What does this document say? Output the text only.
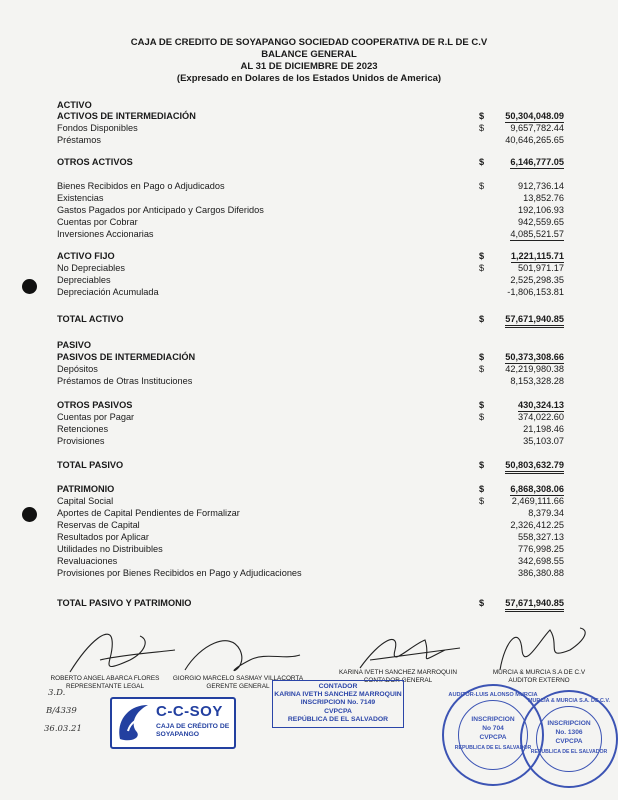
CAJA DE CREDITO DE SOYAPANGO SOCIEDAD COOPERATIVA DE R.L DE C.V
BALANCE GENERAL
AL 31 DE DICIEMBRE DE 2023
(Expresado en Dolares de los Estados Unidos de America)
ACTIVO
ACTIVOS DE INTERMEDIACIÓN	$ 50,304,048.09
Fondos Disponibles	$	9,657,782.44
Préstamos	40,646,265.65
OTROS ACTIVOS	$	6,146,777.05
Bienes Recibidos en Pago o Adjudicados	$	912,736.14
Existencias	13,852.76
Gastos Pagados por Anticipado y Cargos Diferidos	192,106.93
Cuentas por Cobrar	942,559.65
Inversiones Accionarias	4,085,521.57
ACTIVO FIJO	$	1,221,115.71
No Depreciables	$	501,971.17
Depreciables	2,525,298.35
Depreciación Acumulada	-1,806,153.81
TOTAL ACTIVO	$ 57,671,940.85
PASIVO
PASIVOS DE INTERMEDIACIÓN	$ 50,373,308.66
Depósitos	$ 42,219,980.38
Préstamos de Otras Instituciones	8,153,328.28
OTROS PASIVOS	$	430,324.13
Cuentas por Pagar	$	374,022.60
Retenciones	21,198.46
Provisiones	35,103.07
TOTAL PASIVO	$ 50,803,632.79
PATRIMONIO	$	6,868,308.06
Capital Social	$	2,469,111.66
Aportes de Capital Pendientes de Formalizar	8,379.34
Reservas de Capital	2,326,412.25
Resultados por Aplicar	558,327.13
Utilidades no Distribuibles	776,998.25
Revaluaciones	342,698.55
Provisiones por Bienes Recibidos en Pago y Adjudicaciones	386,380.88
TOTAL PASIVO Y PATRIMONIO	$ 57,671,940.85
ROBERTO ANGEL ABARCA FLORES
REPRESENTANTE LEGAL
GIORGIO MARCELO SASMAY VILLACORTA
GERENTE GENERAL
KARINA IVETH SANCHEZ MARROQUIN
CONTADOR GENERAL
MURCIA & MURCIA S.A DE C.V
AUDITOR EXTERNO
3.D.
B/4339
36.03.21
CONTADOR
KARINA IVETH SANCHEZ MARROQUIN
INSCRIPCION No. 7149
CVPCPA
REPÚBLICA DE EL SALVADOR
C-C-SOY
CAJA DE CRÉDITO DE SOYAPANGO
AUDITOR-LUIS ALONSO MURCIA
INSCRIPCION
No 704
CVPCPA
REPUBLICA DE EL SALVADOR
MURCIA & MURCIA S.A. DE C.V.
INSCRIPCION
No. 1306
CVPCPA
REPUBLICA DE EL SALVADOR
